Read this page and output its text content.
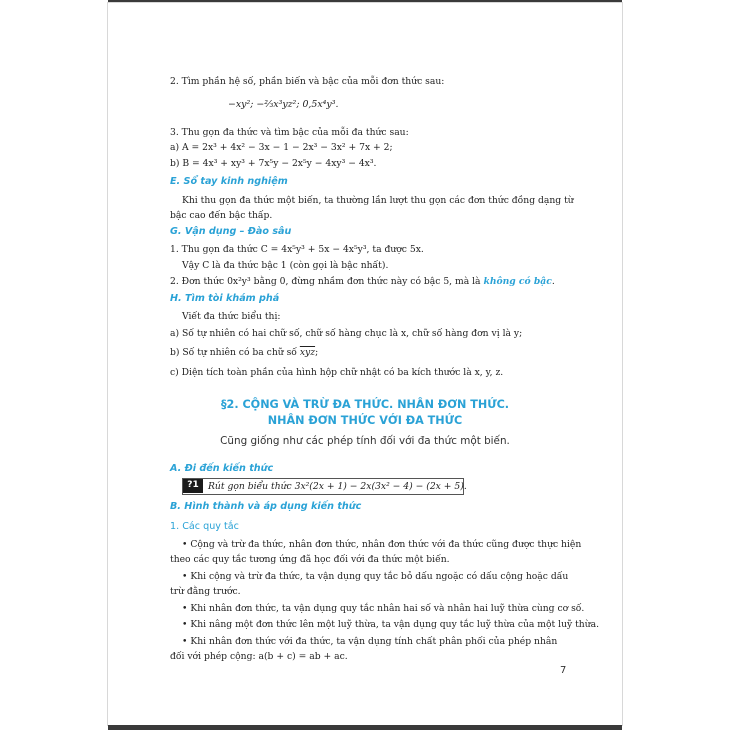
2. Tìm phần hệ số, phần biến và bậc của mỗi đơn thức sau:
−xy²; −⅔x³yz²; 0,5x⁴y³.
3. Thu gọn đa thức và tìm bậc của mỗi đa thức sau:
a) A = 2x³ + 4x² − 3x − 1 − 2x³ − 3x² + 7x + 2;
b) B = 4x³ + xy³ + 7x⁵y − 2x⁵y − 4xy³ − 4x³.
E. Sổ tay kinh nghiệm
Khi thu gọn đa thức một biến, ta thường lần lượt thu gọn các đơn thức đồng dạng từ
bậc cao đến bậc thấp.
G. Vận dụng – Đào sâu
1. Thu gọn đa thức C = 4x⁵y³ + 5x − 4x⁵y³, ta được 5x.
Vậy C là đa thức bậc 1 (còn gọi là bậc nhất).
2. Đơn thức 0x²y³ bằng 0, đừng nhầm đơn thức này có bậc 5, mà là không có bậc.
H. Tìm tòi khám phá
Viết đa thức biểu thị:
a) Số tự nhiên có hai chữ số, chữ số hàng chục là x, chữ số hàng đơn vị là y;
b) Số tự nhiên có ba chữ số $\overline{xyz}$;
c) Diện tích toàn phần của hình hộp chữ nhật có ba kích thước là x, y, z.
§2. CỘNG VÀ TRỪ ĐA THỨC. NHÂN ĐƠN THỨC.
NHÂN ĐƠN THỨC VỚI ĐA THỨC
Cũng giống như các phép tính đối với đa thức một biến.
A. Đi đến kiến thức
?1	Rút gọn biểu thức 3x²(2x + 1) − 2x(3x² − 4) − (2x + 5).
B. Hình thành và áp dụng kiến thức
1. Các quy tắc
• Cộng và trừ đa thức, nhân đơn thức, nhân đơn thức với đa thức cũng được thực hiện
theo các quy tắc tương ứng đã học đối với đa thức một biến.
• Khi cộng và trừ đa thức, ta vận dụng quy tắc bỏ dấu ngoặc có dấu cộng hoặc dấu
trừ đằng trước.
• Khi nhân đơn thức, ta vận dụng quy tắc nhân hai số và nhân hai luỹ thừa cùng cơ số.
• Khi nâng một đơn thức lên một luỹ thừa, ta vận dụng quy tắc luỹ thừa của một luỹ thừa.
• Khi nhân đơn thức với đa thức, ta vận dụng tính chất phân phối của phép nhân
đối với phép cộng: a(b + c) = ab + ac.
7
